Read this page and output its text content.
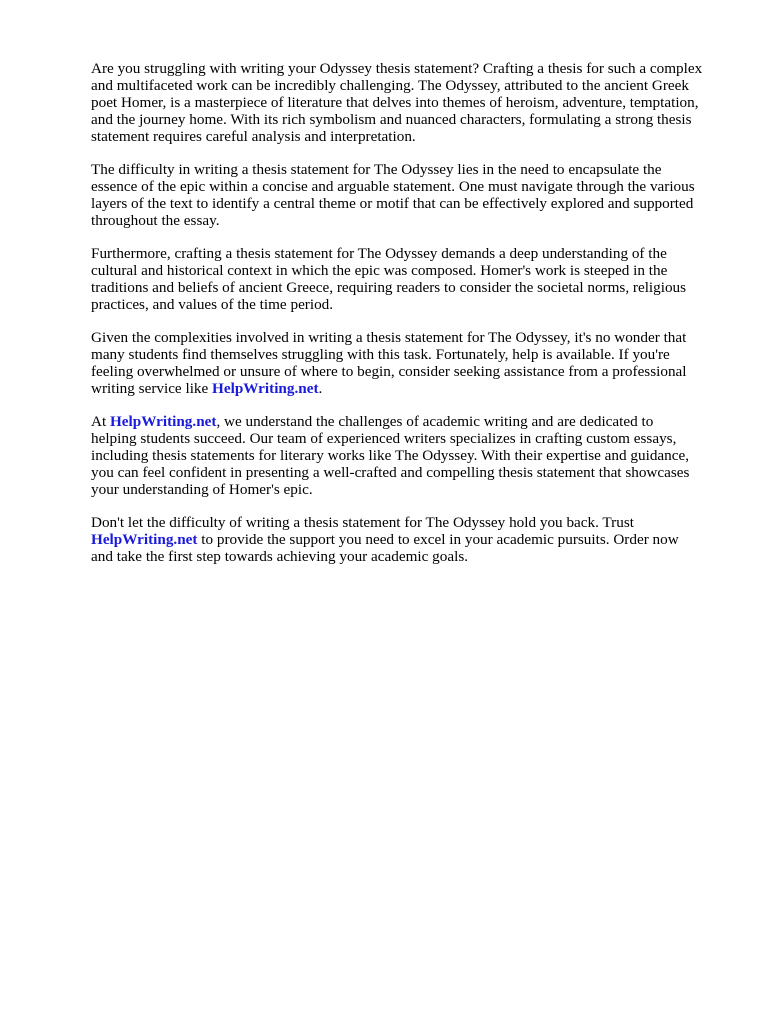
Are you struggling with writing your Odyssey thesis statement? Crafting a thesis for such a complex
and multifaceted work can be incredibly challenging. The Odyssey, attributed to the ancient Greek
poet Homer, is a masterpiece of literature that delves into themes of heroism, adventure, temptation,
and the journey home. With its rich symbolism and nuanced characters, formulating a strong thesis
statement requires careful analysis and interpretation.

The difficulty in writing a thesis statement for The Odyssey lies in the need to encapsulate the
essence of the epic within a concise and arguable statement. One must navigate through the various
layers of the text to identify a central theme or motif that can be effectively explored and supported
throughout the essay.

Furthermore, crafting a thesis statement for The Odyssey demands a deep understanding of the
cultural and historical context in which the epic was composed. Homer's work is steeped in the
traditions and beliefs of ancient Greece, requiring readers to consider the societal norms, religious
practices, and values of the time period.

Given the complexities involved in writing a thesis statement for The Odyssey, it's no wonder that
many students find themselves struggling with this task. Fortunately, help is available. If you're
feeling overwhelmed or unsure of where to begin, consider seeking assistance from a professional
writing service like HelpWriting.net.

At HelpWriting.net, we understand the challenges of academic writing and are dedicated to
helping students succeed. Our team of experienced writers specializes in crafting custom essays,
including thesis statements for literary works like The Odyssey. With their expertise and guidance,
you can feel confident in presenting a well-crafted and compelling thesis statement that showcases
your understanding of Homer's epic.

Don't let the difficulty of writing a thesis statement for The Odyssey hold you back. Trust
HelpWriting.net to provide the support you need to excel in your academic pursuits. Order now
and take the first step towards achieving your academic goals.
